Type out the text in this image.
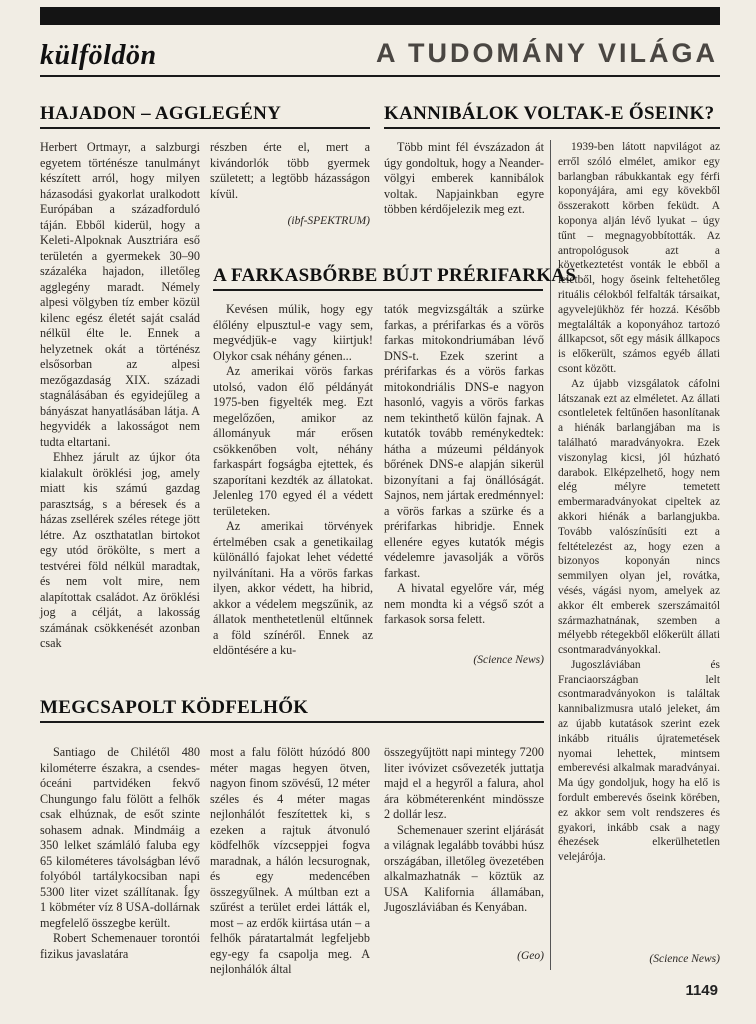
külföldön	A TUDOMÁNY VILÁGA
HAJADON – AGGLEGÉNY

Herbert Ortmayr, a salzburgi egyetem történésze tanulmányt készített arról, hogy milyen házasodási gyakorlat uralkodott Európában a századforduló táján. Ebből kiderül, hogy a Keleti-Alpoknak Ausztriára eső területén a gyermekek 30–90 százaléka hajadon, illetőleg agglegény maradt. Némely alpesi völgyben tíz ember közül kilenc egész életét saját család nélkül élte le. Ennek a helyzetnek okát a történész elsősorban az alpesi mezőgazdaság XIX. századi stagnálásában és egyidejűleg a bányászat hanyatlásában látja. A hegyvidék a lakosságot nem tudta eltartani.

Ehhez járult az újkor óta kialakult öröklési jog, amely miatt kis számú gazdag parasztság, s a béresek és a házas zsellérek széles rétege jött létre. Az oszthatatlan birtokot egy utód örökölte, s mert a testvérei föld nélkül maradtak, és nem volt mire, nem alapítottak családot. Az öröklési jog a célját, a lakosság számának csökkenését azonban csak

részben érte el, mert a kivándorlók több gyermek született; a legtöbb házasságon kívül.

(ibf-SPEKTRUM)
KANNIBÁLOK VOLTAK-E ŐSEINK?

Több mint fél évszázadon át úgy gondoltuk, hogy a Neander-völgyi emberek kannibálok voltak. Napjainkban egyre többen kérdőjelezik meg ezt.

1939-ben látott napvilágot az erről szóló elmélet, amikor egy barlangban rábukkantak egy férfi koponyájára, ami egy kövekből összerakott körben feküdt. A koponya alján lévő lyukat – úgy tűnt – megnagyobbították. Az antropológusok azt a következtetést vonták le ebből a leletből, hogy őseink feltehetőleg rituális célokból felfalták társaikat, agyvelejükhöz fér hozzá. Később megtalálták a koponyához tartozó állkapcsot, sőt egy másik állkapocs is előkerült, számos egyéb állati csont között.

Az újabb vizsgálatok cáfolni látszanak ezt az elméletet. Az állati csontleletek feltűnően hasonlítanak a hiénák barlangjában ma is található maradványokra. Ezek viszonylag kicsi, jól húzható darabok. Elképzelhető, hogy nem elég mélyre temetett embermaradványokat cipeltek az akkori hiénák a barlangjukba. Tovább valószínűsíti ezt a feltételezést az, hogy ezen a bizonyos koponyán nincs semmilyen olyan jel, rovátka, vésés, vágási nyom, amelyek az akkor élt emberek szerszámaitól származhatnának, szemben a mélyebb rétegekből előkerült állati csontmaradványokkal.

Jugoszláviában és Franciaországban lelt csontmaradványokon is találtak kannibalizmusra utaló jeleket, ám az újabb kutatások szerint ezek inkább rituális újratemetések nyomai lehettek, mintsem emberevési alkalmak maradványai. Ma úgy gondoljuk, hogy ha elő is fordult emberevés őseink körében, ez akkor sem volt rendszeres és gyakori, inkább csak a nagy éhezések elkerülhetetlen velejárója.

(Science News)
A FARKASBŐRBE BÚJT PRÉRIFARKAS

Kevésen múlik, hogy egy élőlény elpusztul-e vagy sem, megvédjük-e vagy kiirtjuk! Olykor csak néhány génen...

Az amerikai vörös farkas utolsó, vadon élő példányát 1975-ben figyelték meg. Ezt megelőzően, amikor az állományuk már erősen csökkenőben volt, néhány farkaspárt fogságba ejtettek, és szaporítani kezdték az állatokat. Jelenleg 170 egyed él a védett területeken.

Az amerikai törvények értelmében csak a genetikailag különálló fajokat lehet védetté nyilvánítani. Ha a vörös farkas ilyen, akkor védett, ha hibrid, akkor a védelem megszűnik, az állatok menthetetlenül eltűnnek a föld színéről. Ennek az eldöntésére a ku-

tatók megvizsgálták a szürke farkas, a prérifarkas és a vörös farkas mitokondriumában lévő DNS-t. Ezek szerint a prérifarkas és a vörös farkas mitokondriális DNS-e nagyon hasonló, vagyis a vörös farkas nem tekinthető külön fajnak. A kutatók tovább reménykedtek: hátha a múzeumi példányok bőrének DNS-e alapján sikerül bizonyítani a faj önállóságát. Sajnos, nem jártak eredménnyel: a vörös farkas a szürke és a prérifarkas hibridje. Ennek ellenére egyes kutatók mégis védelemre javasolják a vörös farkast.

A hivatal egyelőre vár, még nem mondta ki a végső szót a farkasok sorsa felett.

(Science News)
MEGCSAPOLT KÖDFELHŐK

Santiago de Chilétől 480 kilométerre északra, a csendes-óceáni partvidéken fekvő Chungungo falu fölött a felhők csak elhúznak, de esőt szinte sohasem adnak. Mindmáig a 350 lelket számláló faluba egy 65 kilométeres távolságban lévő folyóból tartálykocsiban napi 5300 liter vizet szállítanak. Így 1 köbméter víz 8 USA-dollárnak megfelelő összegbe került.

Robert Schemenauer torontói fizikus javaslatára

most a falu fölött húzódó 800 méter magas hegyen ötven, nagyon finom szövésű, 12 méter széles és 4 méter magas nejlonhálót feszítettek ki, s ezeken a rajtuk átvonuló ködfelhők vízcseppjei fogva maradnak, a hálón lecsurognak, és egy medencében összegyűlnek. A múltban ezt a szűrést a terület erdei látták el, most – az erdők kiirtása után – a felhők páratartalmát legfeljebb egy-egy fa csapolja meg. A nejlonhálók által

összegyűjtött napi mintegy 7200 liter ivóvizet csővezeték juttatja majd el a hegyről a falura, ahol ára köbméterenként mindössze 2 dollár lesz.

Schemenauer szerint eljárását a világnak legalább további húsz országában, illetőleg övezetében alkalmazhatnák – köztük az USA Kalifornia államában, Jugoszláviában és Kenyában.

(Geo)
1149
